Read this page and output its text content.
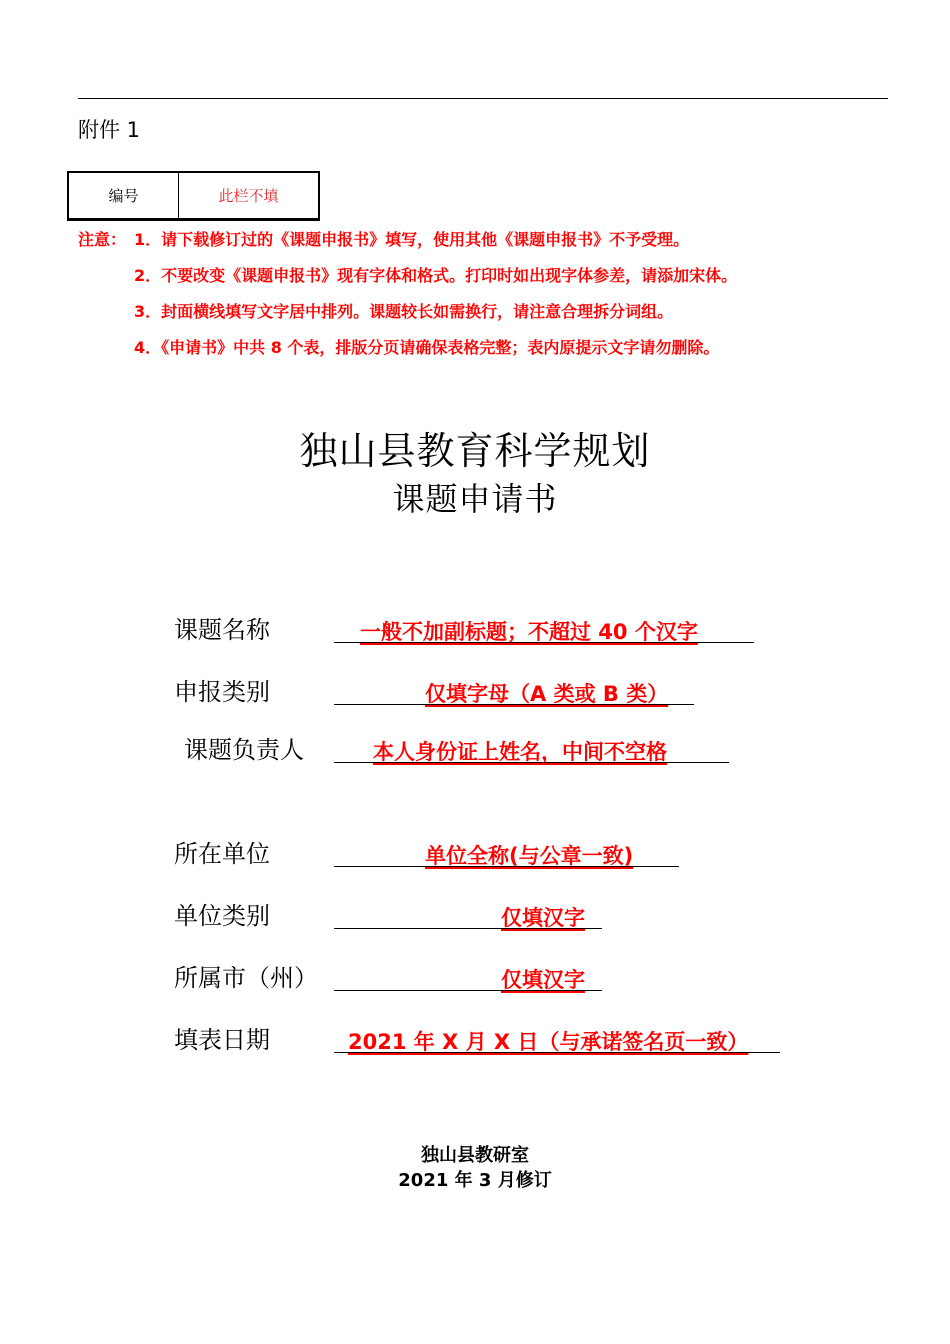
附件 1
编号	此栏不填
注意： 1．请下载修订过的《课题申报书》填写，使用其他《课题申报书》不予受理。
2．不要改变《课题申报书》现有字体和格式。打印时如出现字体参差，请添加宋体。
3．封面横线填写文字居中排列。课题较长如需换行，请注意合理拆分词组。
4．《申请书》中共 8 个表，排版分页请确保表格完整；表内原提示文字请勿删除。
独山县教育科学规划
课题申请书
课题名称	一般不加副标题；不超过 40 个汉字
申报类别	仅填字母（A 类或 B 类）
课题负责人	本人身份证上姓名，中间不空格
所在单位	单位全称(与公章一致)
单位类别	仅填汉字
所属市（州）	仅填汉字
填表日期	2021 年 X 月 X 日（与承诺签名页一致）
独山县教研室
2021 年 3 月修订
